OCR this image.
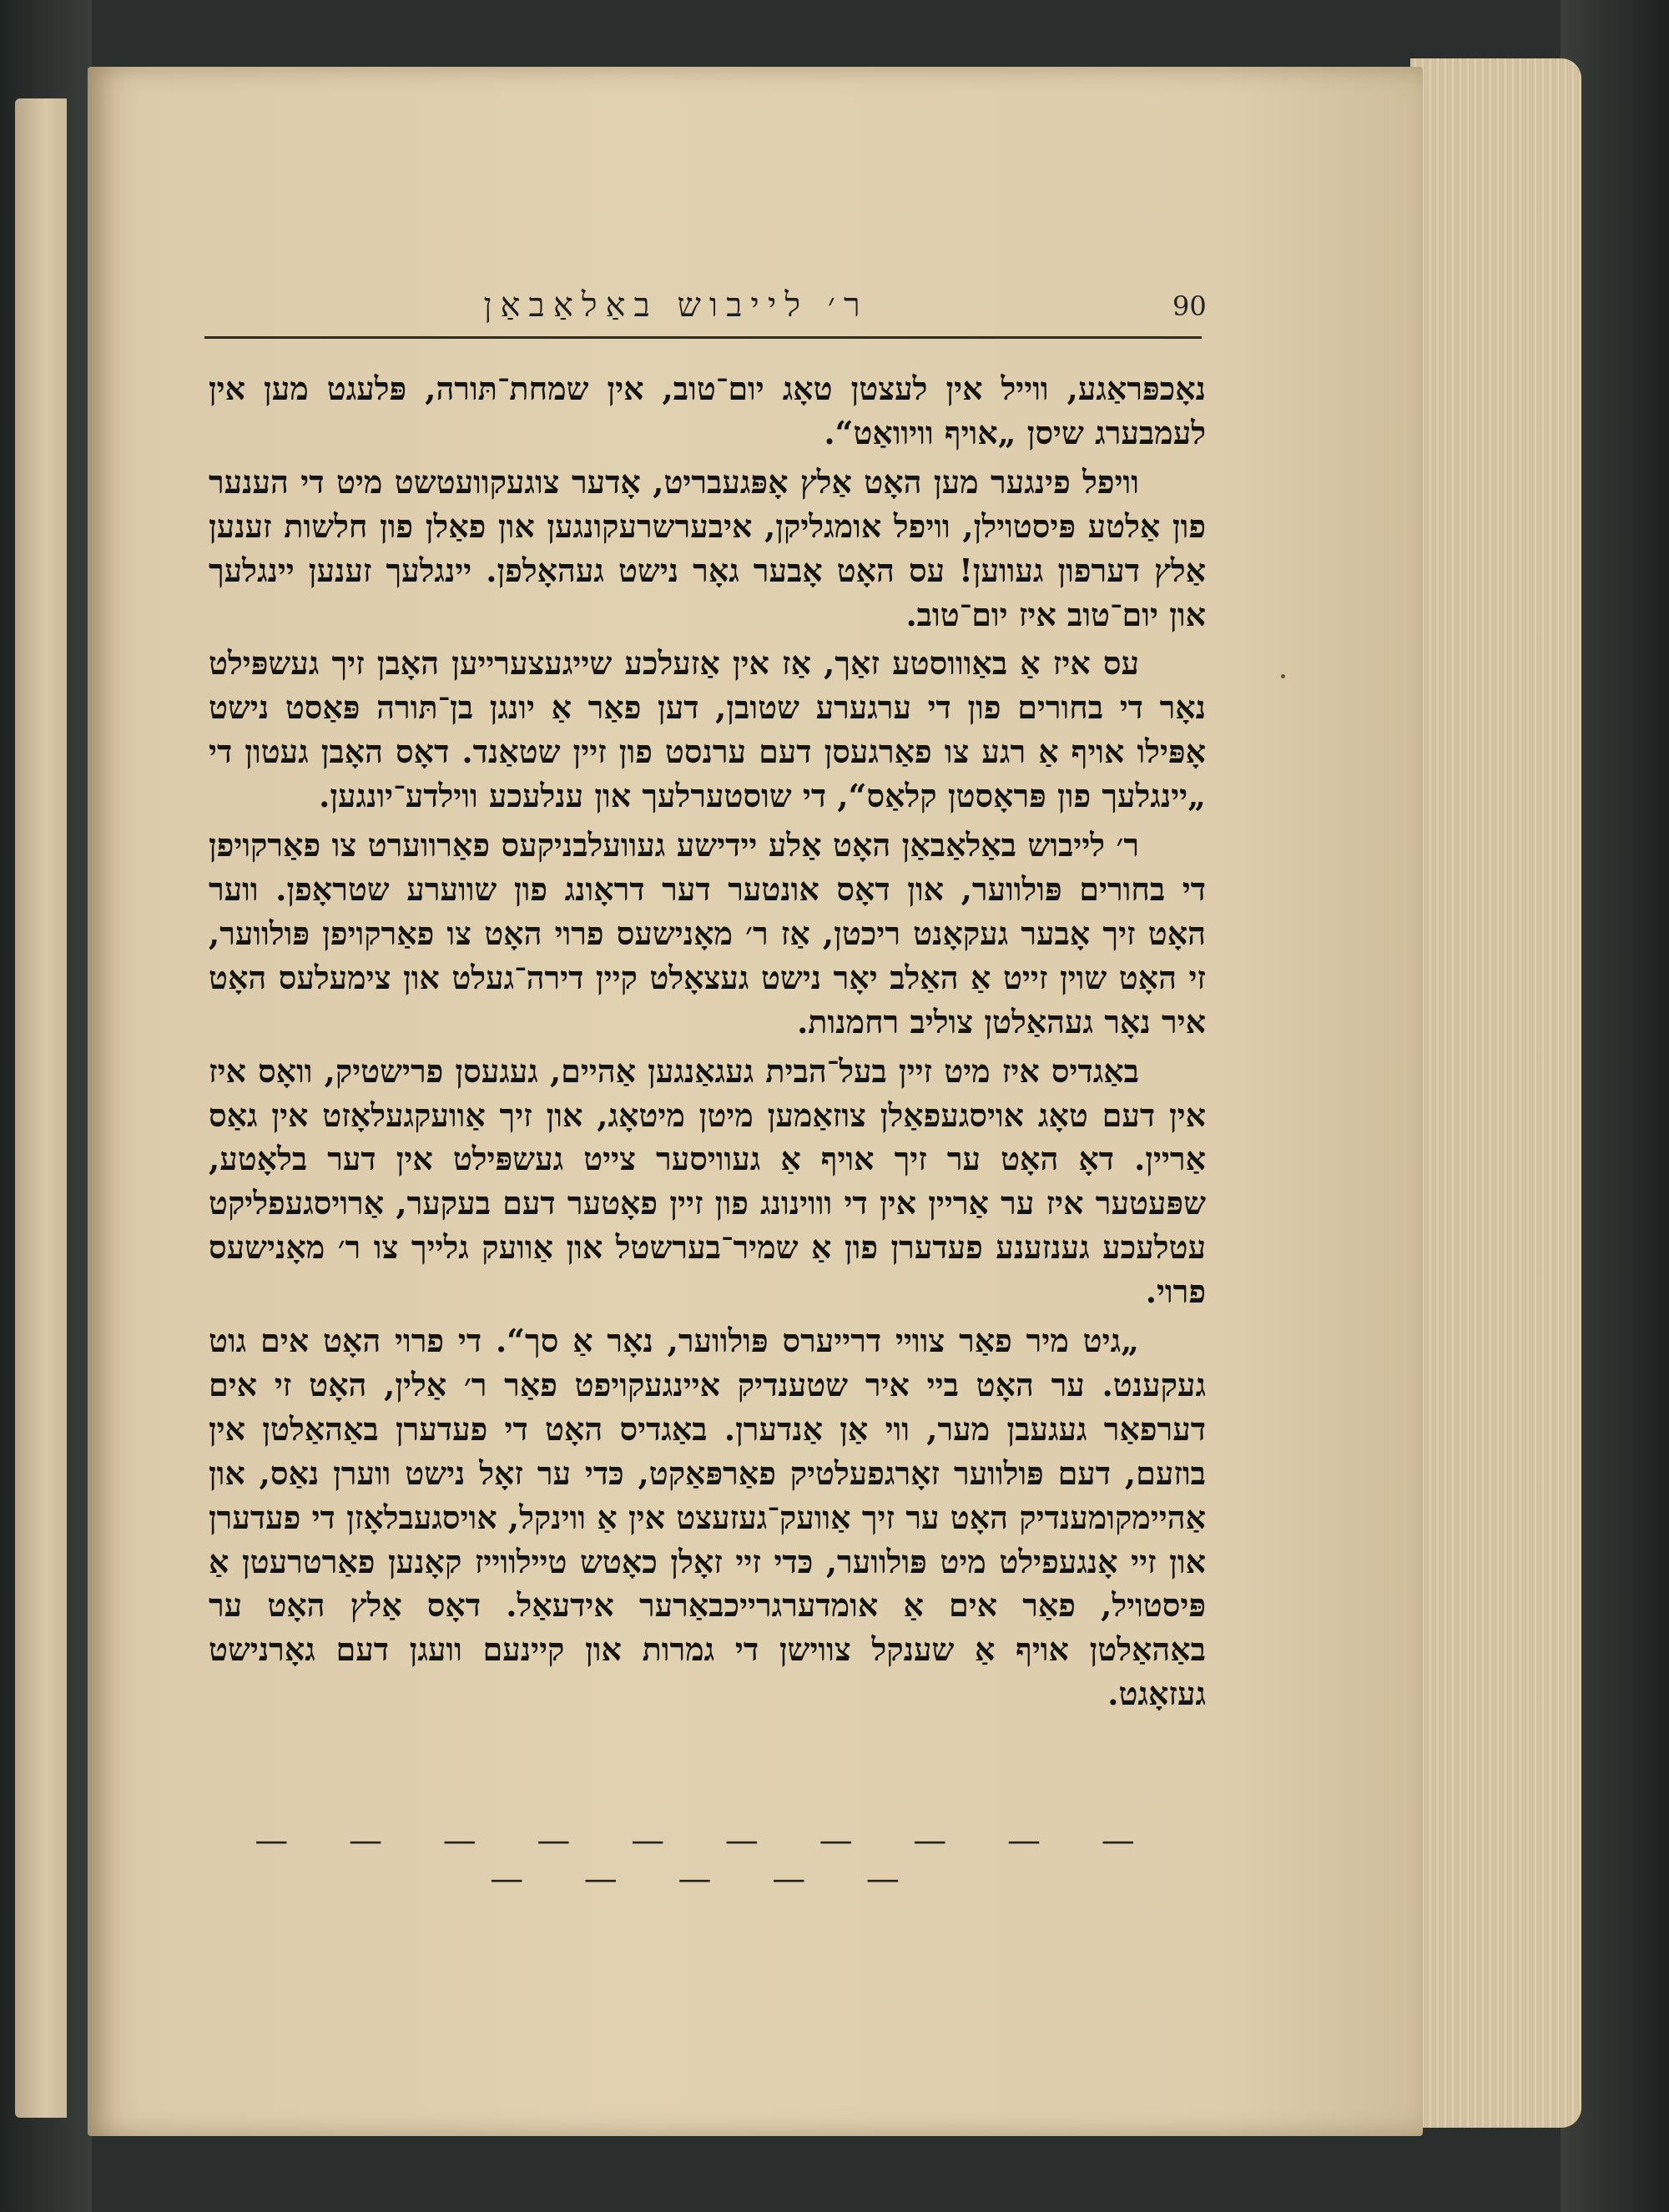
90
ר׳ לייבוש באַלאַבאַן

נאָכפּראַגע, ווייל אין לעצטן טאָג יום־טוב, אין שמחת־תּורה, פּלעגט מען אין לעמבערג שיסן „אויף וויוואַט“.

וויפל פינגער מען האָט אַלץ אָפּגעבריט, אָדער צוגעקוועטשט מיט די הענער פון אַלטע פּיסטוילן, וויפל אומגליקן, איבערשרעקונגען און פאַלן פון חלשות זענען אַלץ דערפון געווען! עס האָט אָבער גאָר נישט געהאָלפן. יינגלעך זענען יינגלעך און יום־טוב איז יום־טוב.

עס איז אַ באַוווסטע זאַך, אַז אין אַזעלכע שייגעצערייען האָבן זיך געשפּילט נאָר די בחורים פון די ערגערע שטובן, דען פאַר אַ יונגן בן־תּורה פּאַסט נישט אָפּילו אויף אַ רגע צו פאַרגעסן דעם ערנסט פון זיין שטאַנד. דאָס האָבן געטון די „יינגלעך פון פּראָסטן קלאַס“, די שוסטערלעך און ענלעכע ווילדע־יונגען.

ר׳ לייבוש באַלאַבאַן האָט אַלע יידישע געוועלבניקעס פאַרווערט צו פאַרקויפן די בחורים פּולווער, און דאָס אונטער דער דראָונג פון שווערע שטראָפן. ווער האָט זיך אָבער געקאָנט ריכטן, אַז ר׳ מאָנישעס פרוי האָט צו פאַרקויפן פּולווער, זי האָט שוין זייט אַ האַלב יאָר נישט געצאָלט קיין דירה־געלט און צימעלעס האָט איר נאָר געהאַלטן צוליב רחמנות.

באַגדיס איז מיט זיין בעל־הבית געגאַנגען אַהיים, געגעסן פרישטיק, וואָס איז אין דעם טאָג אויסגעפאַלן צוזאַמען מיטן מיטאָג, און זיך אַוועקגעלאָזט אין גאַס אַריין. דאָ האָט ער זיך אויף אַ געוויסער צייט געשפּילט אין דער בלאָטע, שפּעטער איז ער אַריין אין די וווינונג פון זיין פאָטער דעם בעקער, אַרויסגעפליקט עטלעכע גענזענע פעדערן פון אַ שמיר־בערשטל און אַוועק גלייך צו ר׳ מאָנישעס פרוי.

„גיט מיר פאַר צוויי דרייערס פּולווער, נאָר אַ סך“. די פרוי האָט אים גוט געקענט. ער האָט ביי איר שטענדיק איינגעקויפט פאַר ר׳ אַלין, האָט זי אים דערפאַר געגעבן מער, ווי אַן אַנדערן. באַגדיס האָט די פעדערן באַהאַלטן אין בוזעם, דעם פּולווער זאָרגפעלטיק פאַרפּאַקט, כּדי ער זאָל נישט ווערן נאַס, און אַהיימקומענדיק האָט ער זיך אַוועק־געזעצט אין אַ ווינקל, אויסגעבלאָזן די פעדערן און זיי אָנגעפילט מיט פּולווער, כּדי זיי זאָלן כאָטש טיילווייז קאָנען פאַרטרעטן אַ פּיסטויל, פאַר אים אַ אומדערגרייכבאַרער אידעאַל. דאָס אַלץ האָט ער באַהאַלטן אויף אַ שענקל צווישן די גמרות און קיינעם וועגן דעם גאָרנישט געזאָגט.

— — — — — — — — — — — — — — —
